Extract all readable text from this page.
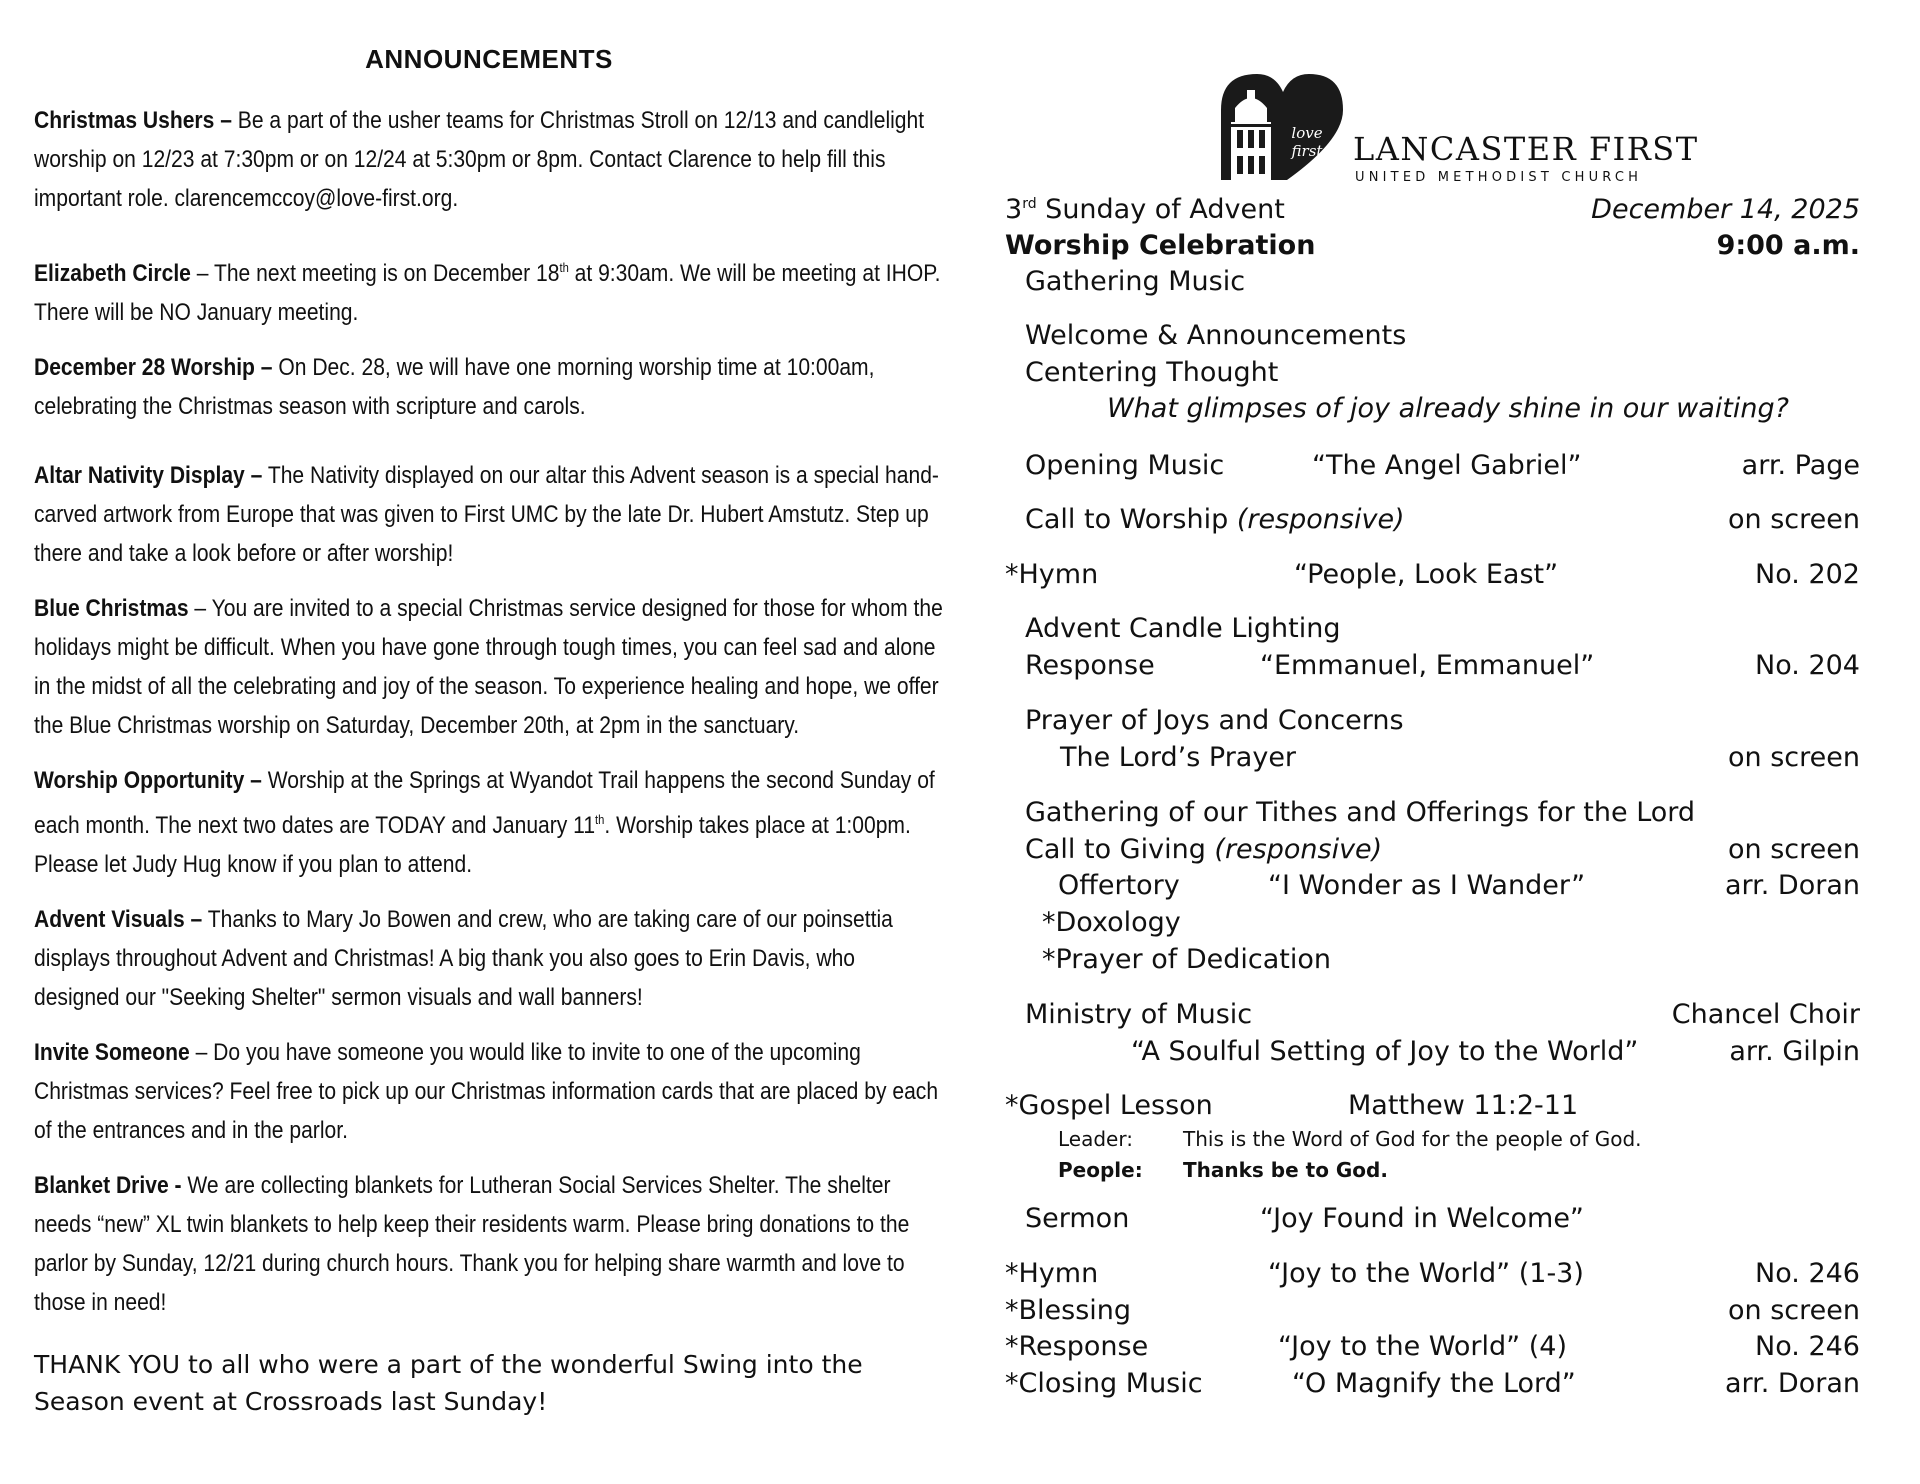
ANNOUNCEMENTS

Christmas Ushers – Be a part of the usher teams for Christmas Stroll on 12/13 and candlelight worship on 12/23 at 7:30pm or on 12/24 at 5:30pm or 8pm. Contact Clarence to help fill this important role. clarencemccoy@love-first.org.

Elizabeth Circle – The next meeting is on December 18th at 9:30am. We will be meeting at IHOP. There will be NO January meeting.

December 28 Worship – On Dec. 28, we will have one morning worship time at 10:00am, celebrating the Christmas season with scripture and carols.

Altar Nativity Display – The Nativity displayed on our altar this Advent season is a special hand-carved artwork from Europe that was given to First UMC by the late Dr. Hubert Amstutz. Step up there and take a look before or after worship!

Blue Christmas – You are invited to a special Christmas service designed for those for whom the holidays might be difficult. When you have gone through tough times, you can feel sad and alone in the midst of all the celebrating and joy of the season. To experience healing and hope, we offer the Blue Christmas worship on Saturday, December 20th, at 2pm in the sanctuary.

Worship Opportunity – Worship at the Springs at Wyandot Trail happens the second Sunday of each month. The next two dates are TODAY and January 11th. Worship takes place at 1:00pm. Please let Judy Hug know if you plan to attend.

Advent Visuals – Thanks to Mary Jo Bowen and crew, who are taking care of our poinsettia displays throughout Advent and Christmas! A big thank you also goes to Erin Davis, who designed our "Seeking Shelter" sermon visuals and wall banners!

Invite Someone – Do you have someone you would like to invite to one of the upcoming Christmas services? Feel free to pick up our Christmas information cards that are placed by each of the entrances and in the parlor.

Blanket Drive - We are collecting blankets for Lutheran Social Services Shelter. The shelter needs “new” XL twin blankets to help keep their residents warm. Please bring donations to the parlor by Sunday, 12/21 during church hours. Thank you for helping share warmth and love to those in need!

THANK YOU to all who were a part of the wonderful Swing into the Season event at Crossroads last Sunday!
love
first LANCASTER FIRST
UNITED METHODIST CHURCH
3rd Sunday of Advent	December 14, 2025
Worship Celebration	9:00 a.m.
Gathering Music
Welcome & Announcements
Centering Thought
What glimpses of joy already shine in our waiting?
Opening Music	“The Angel Gabriel”	arr. Page
Call to Worship (responsive)	on screen
*Hymn	“People, Look East”	No. 202
Advent Candle Lighting
Response	“Emmanuel, Emmanuel”	No. 204
Prayer of Joys and Concerns
The Lord’s Prayer	on screen
Gathering of our Tithes and Offerings for the Lord
Call to Giving (responsive)	on screen
Offertory	“I Wonder as I Wander”	arr. Doran
*Doxology
*Prayer of Dedication
Ministry of Music	Chancel Choir
“A Soulful Setting of Joy to the World”	arr. Gilpin
*Gospel Lesson	Matthew 11:2-11
Leader:	This is the Word of God for the people of God.
People: Thanks be to God.
Sermon	“Joy Found in Welcome”
*Hymn	“Joy to the World” (1-3)	No. 246
*Blessing	on screen
*Response	“Joy to the World” (4)	No. 246
*Closing Music	“O Magnify the Lord”	arr. Doran
